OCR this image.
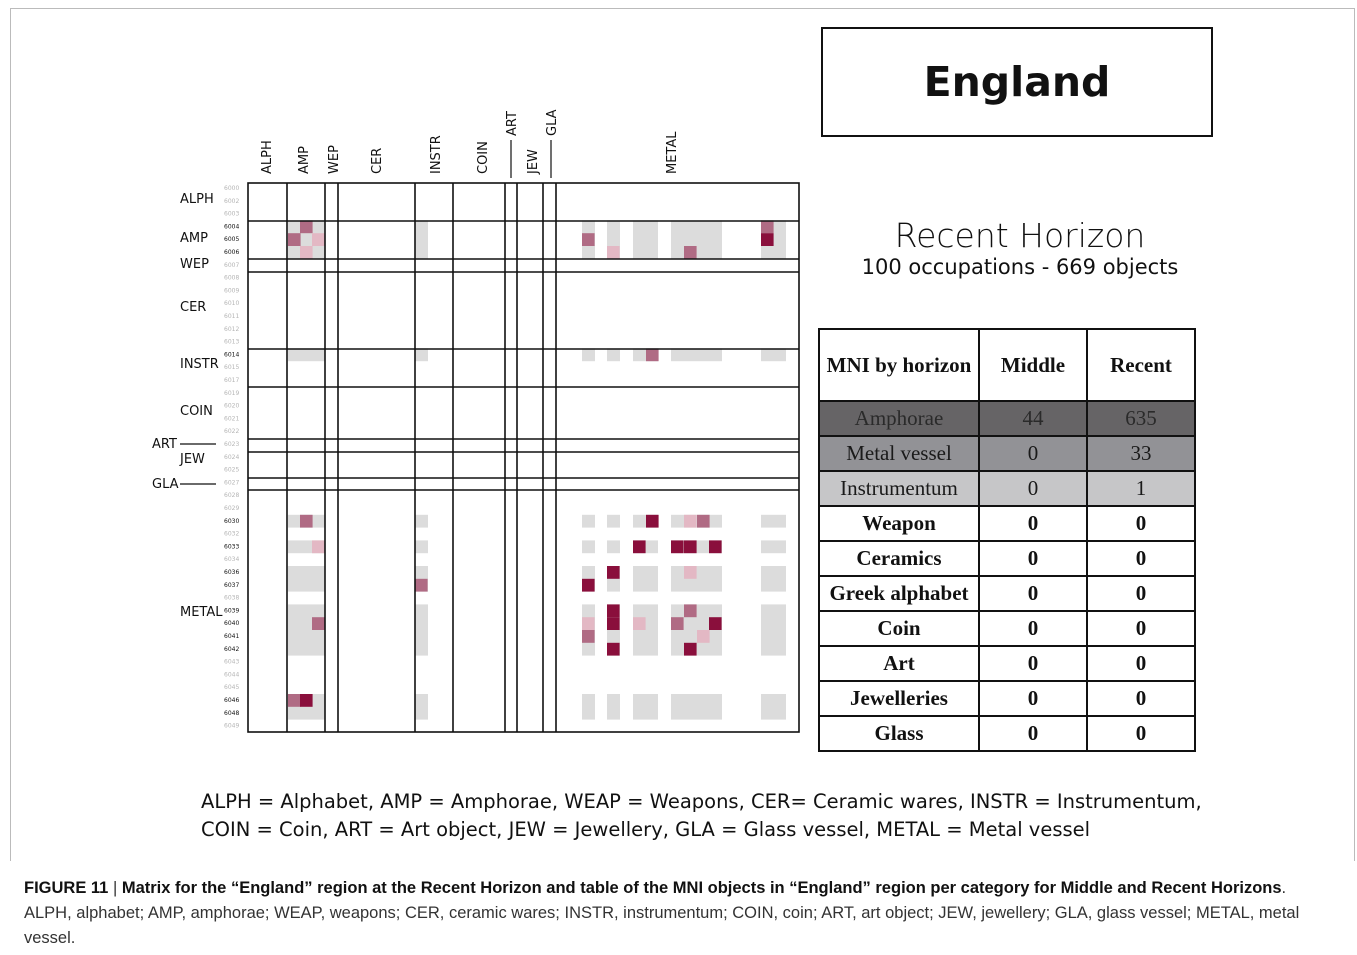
ALPH AMP WEP CER	INSTR COIN
ART
JEW
GLA
METAL
ALPH
AMP
WEP
CER
INSTR
COIN
ART
JEW
GLA
METAL
6000
6002
6003
6004
6005
6006
6007
6008
6009
6010
6011
6012
6013
6014
6015
6017
6019
6020
6021
6022
6023
6024
6025
6027
6028
6029
6030
6032
6033
6034
6036
6037
6038
6039
6040
6041
6042
6043
6044
6045
6046
6048
6049
England
Recent Horizon
100 occupations - 669 objects
MNI by horizon	Middle	Recent
Amphorae	44	635
Metal vessel	0	33
Instrumentum	0	1
Weapon	0	0
Ceramics	0	0
Greek alphabet	0	0
Coin	0	0
Art	0	0
Jewelleries	0	0
Glass	0	0
ALPH = Alphabet, AMP = Amphorae, WEAP = Weapons, CER= Ceramic wares, INSTR = Instrumentum,
COIN = Coin, ART = Art object, JEW = Jewellery, GLA = Glass vessel, METAL = Metal vessel
FIGURE 11 | Matrix for the “England” region at the Recent Horizon and table of the MNI objects in “England” region per category for Middle and Recent Horizons. ALPH, alphabet; AMP, amphorae; WEAP, weapons; CER, ceramic wares; INSTR, instrumentum; COIN, coin; ART, art object; JEW, jewellery; GLA, glass vessel; METAL, metal vessel.
